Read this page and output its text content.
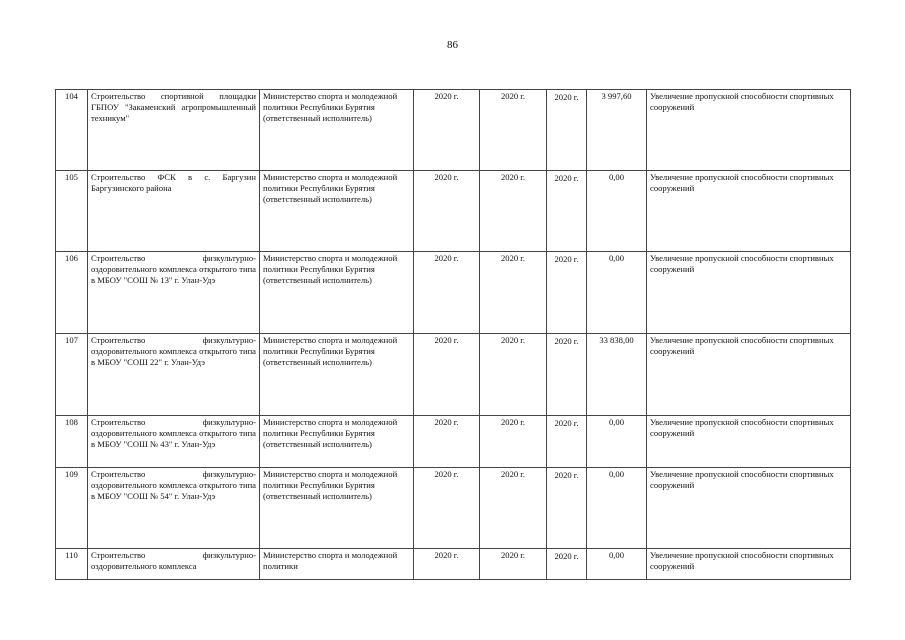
86
104	Строительство спортивной площадки ГБПОУ "Закаменский агропромышленный техникум"	Министерство спорта и молодежной политики Республики Бурятия (ответственный исполнитель)	2020 г.	2020 г.	2020 г.	3 997,60	Увеличение пропускной способности спортивных сооружений
105	Строительство ФСК в с. Баргузин Баргузинского района	Министерство спорта и молодежной политики Республики Бурятия (ответственный исполнитель)	2020 г.	2020 г.	2020 г.	0,00	Увеличение пропускной способности спортивных сооружений
106	Строительство физкультурно-оздоровительного комплекса открытого типа в МБОУ "СОШ № 13" г. Улан-Удэ	Министерство спорта и молодежной политики Республики Бурятия (ответственный исполнитель)	2020 г.	2020 г.	2020 г.	0,00	Увеличение пропускной способности спортивных сооружений
107	Строительство физкультурно-оздоровительного комплекса открытого типа в МБОУ "СОШ 22" г. Улан-Удэ	Министерство спорта и молодежной политики Республики Бурятия (ответственный исполнитель)	2020 г.	2020 г.	2020 г.	33 838,00	Увеличение пропускной способности спортивных сооружений
108	Строительство физкультурно-оздоровительного комплекса открытого типа в МБОУ "СОШ № 43" г. Улан-Удэ	Министерство спорта и молодежной политики Республики Бурятия (ответственный исполнитель)	2020 г.	2020 г.	2020 г.	0,00	Увеличение пропускной способности спортивных сооружений
109	Строительство физкультурно-оздоровительного комплекса открытого типа в МБОУ "СОШ № 54" г. Улан-Удэ	Министерство спорта и молодежной политики Республики Бурятия (ответственный исполнитель)	2020 г.	2020 г.	2020 г.	0,00	Увеличение пропускной способности спортивных сооружений
110	Строительство физкультурно-оздоровительного комплекса	Министерство спорта и молодежной политики	2020 г.	2020 г.	2020 г.	0,00	Увеличение пропускной способности спортивных сооружений
